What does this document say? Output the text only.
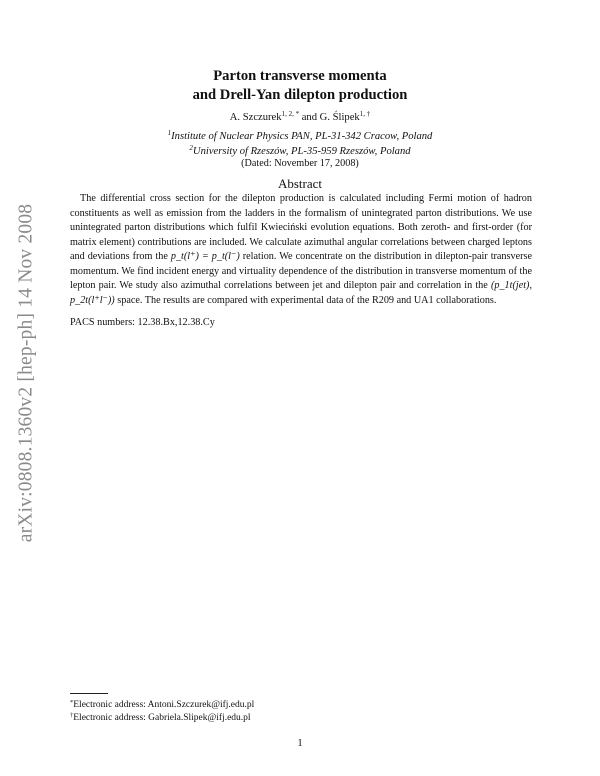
arXiv:0808.1360v2 [hep-ph] 14 Nov 2008
Parton transverse momenta
and Drell-Yan dilepton production
A. Szczurek$^{1, 2, *}$ and G. Ślipek$^{1, \dagger}$
$^1$Institute of Nuclear Physics PAN, PL-31-342 Cracow, Poland
$^2$University of Rzeszów, PL-35-959 Rzeszów, Poland
(Dated: November 17, 2008)
Abstract
The differential cross section for the dilepton production is calculated including Fermi motion of hadron constituents as well as emission from the ladders in the formalism of unintegrated parton distributions. We use unintegrated parton distributions which fulfil Kwieciński evolution equations. Both zeroth- and first-order (for matrix element) contributions are included. We calculate azimuthal angular correlations between charged leptons and deviations from the p_t(l⁺) = p_t(l⁻) relation. We concentrate on the distribution in dilepton-pair transverse momentum. We find incident energy and virtuality dependence of the distribution in transverse momentum of the lepton pair. We study also azimuthal correlations between jet and dilepton pair and correlation in the (p_1t(jet), p_2t(l⁺l⁻)) space. The results are compared with experimental data of the R209 and UA1 collaborations.
PACS numbers: 12.38.Bx,12.38.Cy
*Electronic address: Antoni.Szczurek@ifj.edu.pl
†Electronic address: Gabriela.Slipek@ifj.edu.pl
1
